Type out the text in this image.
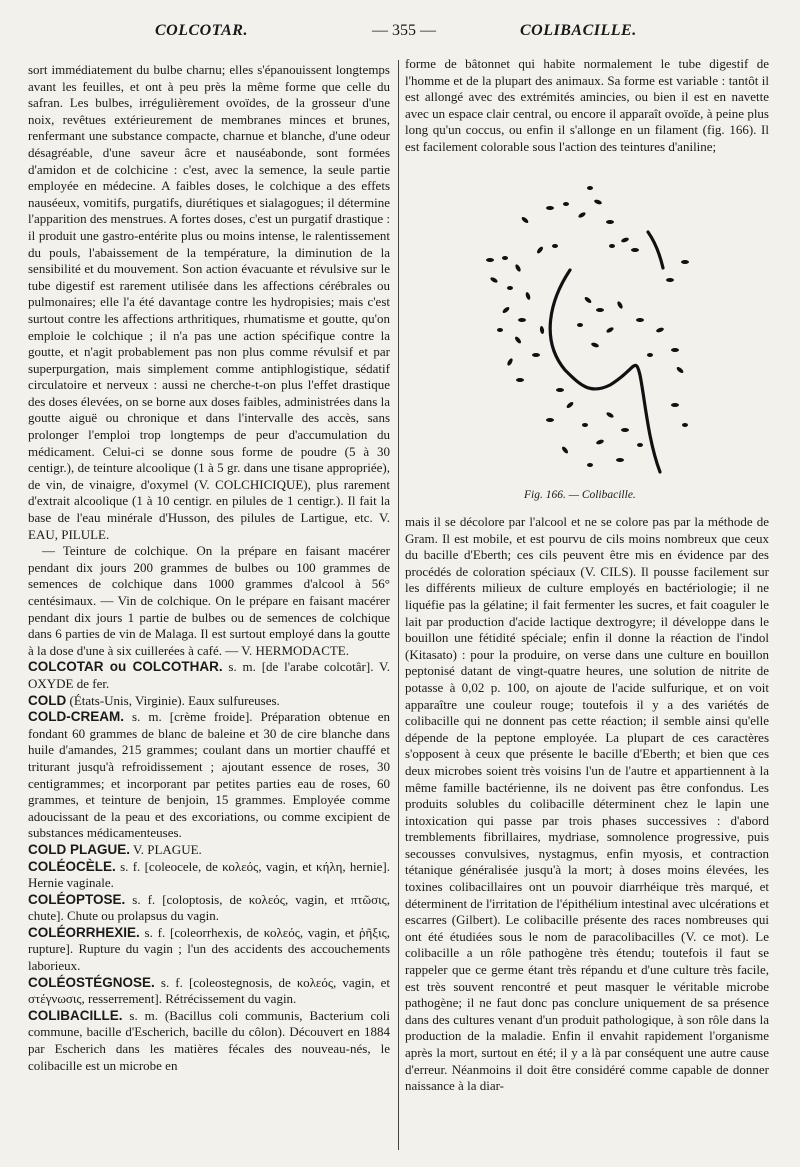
COLCOTAR.	— 355 —	COLIBACILLE.

sort immédiatement du bulbe charnu; elles s'épanouissent longtemps avant les feuilles, et ont à peu près la même forme que celle du safran. Les bulbes, irrégulièrement ovoïdes, de la grosseur d'une noix, revêtues extérieurement de membranes minces et brunes, renfermant une substance compacte, charnue et blanche, d'une odeur désagréable, d'une saveur âcre et nauséabonde, sont formées d'amidon et de colchicine : c'est, avec la semence, la seule partie employée en médecine. A faibles doses, le colchique a des effets nauséeux, vomitifs, purgatifs, diurétiques et sialagogues; il détermine l'apparition des menstrues. A fortes doses, c'est un purgatif drastique : il produit une gastro-entérite plus ou moins intense, le ralentissement du pouls, l'abaissement de la température, la diminution de la sensibilité et du mouvement. Son action évacuante et révulsive sur le tube digestif est rarement utilisée dans les affections cérébrales ou pulmonaires; elle l'a été davantage contre les hydropisies; mais c'est surtout contre les affections arthritiques, rhumatisme et goutte, qu'on emploie le colchique ; il n'a pas une action spécifique contre la goutte, et n'agit probablement pas non plus comme révulsif et par superpurgation, mais simplement comme antiphlogistique, sédatif circulatoire et nerveux : aussi ne cherche-t-on plus l'effet drastique des doses élevées, on se borne aux doses faibles, administrées dans la goutte aiguë ou chronique et dans l'intervalle des accès, sans prolonger l'emploi trop longtemps de peur d'accumulation du médicament. Celui-ci se donne sous forme de poudre (5 à 30 centigr.), de teinture alcoolique (1 à 5 gr. dans une tisane appropriée), de vin, de vinaigre, d'oxymel (V. COLCHICIQUE), plus rarement d'extrait alcoolique (1 à 10 centigr. en pilules de 1 centigr.). Il fait la base de l'eau minérale d'Husson, des pilules de Lartigue, etc. V. EAU, PILULE.

— Teinture de colchique. On la prépare en faisant macérer pendant dix jours 200 grammes de bulbes ou 100 grammes de semences de colchique dans 1000 grammes d'alcool à 56° centésimaux. — Vin de colchique. On le prépare en faisant macérer pendant dix jours 1 partie de bulbes ou de semences de colchique dans 6 parties de vin de Malaga. Il est surtout employé dans la goutte à la dose d'une à six cuillerées à café. — V. HERMODACTE.

COLCOTAR ou COLCOTHAR. s. m. [de l'arabe colcotâr]. V. OXYDE de fer.

COLD (États-Unis, Virginie). Eaux sulfureuses.

COLD-CREAM. s. m. [crème froide]. Préparation obtenue en fondant 60 grammes de blanc de baleine et 30 de cire blanche dans huile d'amandes, 215 grammes; coulant dans un mortier chauffé et triturant jusqu'à refroidissement ; ajoutant essence de roses, 30 centigrammes; et incorporant par petites parties eau de roses, 60 grammes, et teinture de benjoin, 15 grammes. Employée comme adoucissant de la peau et des excoriations, ou comme excipient de substances médicamenteuses.

COLD PLAGUE. V. PLAGUE.

COLÉOCÈLE. s. f. [coleocele, de κολεός, vagin, et κήλη, hernie]. Hernie vaginale.

COLÉOPTOSE. s. f. [coloptosis, de κολεός, vagin, et πτῶσις, chute]. Chute ou prolapsus du vagin.

COLÉORRHEXIE. s. f. [coleorrhexis, de κολεός, vagin, et ῥῆξις, rupture]. Rupture du vagin ; l'un des accidents des accouchements laborieux.

COLÉOSTÉGNOSE. s. f. [coleostegnosis, de κολεός, vagin, et στέγνωσις, resserrement]. Rétrécissement du vagin.

COLIBACILLE. s. m. (Bacillus coli communis, Bacterium coli commune, bacille d'Escherich, bacille du côlon). Découvert en 1884 par Escherich dans les matières fécales des nouveau-nés, le colibacille est un microbe en

forme de bâtonnet qui habite normalement le tube digestif de l'homme et de la plupart des animaux. Sa forme est variable : tantôt il est allongé avec des extrémités amincies, ou bien il est en navette avec un espace clair central, ou encore il apparaît ovoïde, à peine plus long qu'un coccus, ou enfin il s'allonge en un filament (fig. 166). Il est facilement colorable sous l'action des teintures d'aniline;

Fig. 166. — Colibacille.

mais il se décolore par l'alcool et ne se colore pas par la méthode de Gram. Il est mobile, et est pourvu de cils moins nombreux que ceux du bacille d'Eberth; ces cils peuvent être mis en évidence par des procédés de coloration spéciaux (V. CILS). Il pousse facilement sur les différents milieux de culture employés en bactériologie; il ne liquéfie pas la gélatine; il fait fermenter les sucres, et fait coaguler le lait par production d'acide lactique dextrogyre; il développe dans le bouillon une fétidité spéciale; enfin il donne la réaction de l'indol (Kitasato) : pour la produire, on verse dans une culture en bouillon peptonisé datant de vingt-quatre heures, une solution de nitrite de potasse à 0,02 p. 100, on ajoute de l'acide sulfurique, et on voit apparaître une couleur rouge; toutefois il y a des variétés de colibacille qui ne donnent pas cette réaction; il semble ainsi qu'elle dépende de la peptone employée. La plupart de ces caractères s'opposent à ceux que présente le bacille d'Eberth; et bien que ces deux microbes soient très voisins l'un de l'autre et appartiennent à la même famille bactérienne, ils ne doivent pas être confondus. Les produits solubles du colibacille déterminent chez le lapin une intoxication qui passe par trois phases successives : d'abord tremblements fibrillaires, mydriase, somnolence progressive, puis secousses convulsives, nystagmus, enfin myosis, et contraction tétanique généralisée jusqu'à la mort; à doses moins élevées, les toxines colibacillaires ont un pouvoir diarrhéique très marqué, et déterminent de l'irritation de l'épithélium intestinal avec ulcérations et escarres (Gilbert). Le colibacille présente des races nombreuses qui ont été étudiées sous le nom de paracolibacilles (V. ce mot). Le colibacille a un rôle pathogène très étendu; toutefois il faut se rappeler que ce germe étant très répandu et d'une culture très facile, est très souvent rencontré et peut masquer le véritable microbe pathogène; il ne faut donc pas conclure uniquement de sa présence dans des cultures venant d'un produit pathologique, à son rôle dans la production de la maladie. Enfin il envahit rapidement l'organisme après la mort, surtout en été; il y a là par conséquent une autre cause d'erreur. Néanmoins il doit être considéré comme capable de donner naissance à la diar-
